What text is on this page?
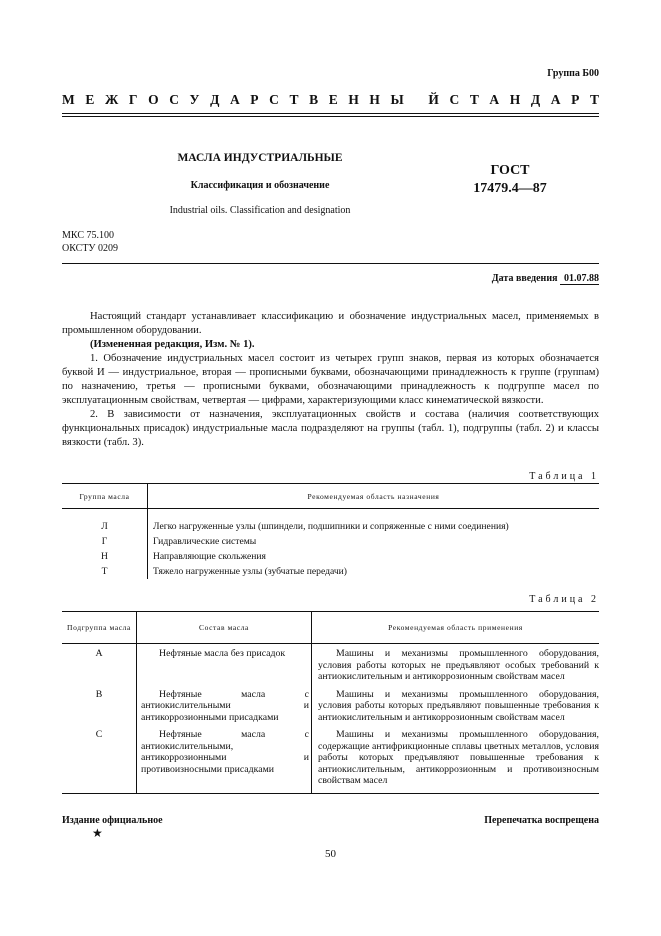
Группа Б00
М Е Ж Г О С У Д А Р С Т В Е Н Н Ы
Й С Т А Н Д А Р Т
МАСЛА ИНДУСТРИАЛЬНЫЕ
Классификация и обозначение
Industrial oils. Classification and designation
ГОСТ
17479.4—87
МКС 75.100
ОКСТУ 0209
Дата введения 01.07.88

Настоящий стандарт устанавливает классификацию и обозначение индустриальных масел, применяемых в промышленном оборудовании.

(Измененная редакция, Изм. № 1).

1. Обозначение индустриальных масел состоит из четырех групп знаков, первая из которых обозначается буквой И — индустриальное, вторая — прописными буквами, обозначающими принадлежность к группе (группам) по назначению, третья — прописными буквами, обозначающими принадлежность к подгруппе масел по эксплуатационным свойствам, четвертая — цифрами, характеризующими класс кинематической вязкости.

2. В зависимости от назначения, эксплуатационных свойств и состава (наличия соответствующих функциональных присадок) индустриальные масла подразделяют на группы (табл. 1), подгруппы (табл. 2) и классы вязкости (табл. 3).

Таблица 1
Группа масла	Рекомендуемая область назначения
Л	Легко нагруженные узлы (шпиндели, подшипники и сопряженные с ними соединения)
Г	Гидравлические системы
Н	Направляющие скольжения
Т	Тяжело нагруженные узлы (зубчатые передачи)
Таблица 2
Подгруппа масла	Состав масла	Рекомендуемая область применения
А	Нефтяные масла без присадок	Машины и механизмы промышленного оборудования, условия работы которых не предъявляют особых требований к антиокислительным и антикоррозионным свойствам масел
В	Нефтяные масла с антиокислительными и антикоррозионными присадками	Машины и механизмы промышленного оборудования, условия работы которых предъявляют повышенные требования к антиокислительным и антикоррозионным свойствам масел
С	Нефтяные масла с антиокислительными, антикоррозионными и противоизносными присадками	Машины и механизмы промышленного оборудования, содержащие антифрикционные сплавы цветных металлов, условия работы которых предъявляют повышенные требования к антиокислительным, антикоррозионным и противоизносным свойствам масел
Издание официальное
★
Перепечатка воспрещена
50
